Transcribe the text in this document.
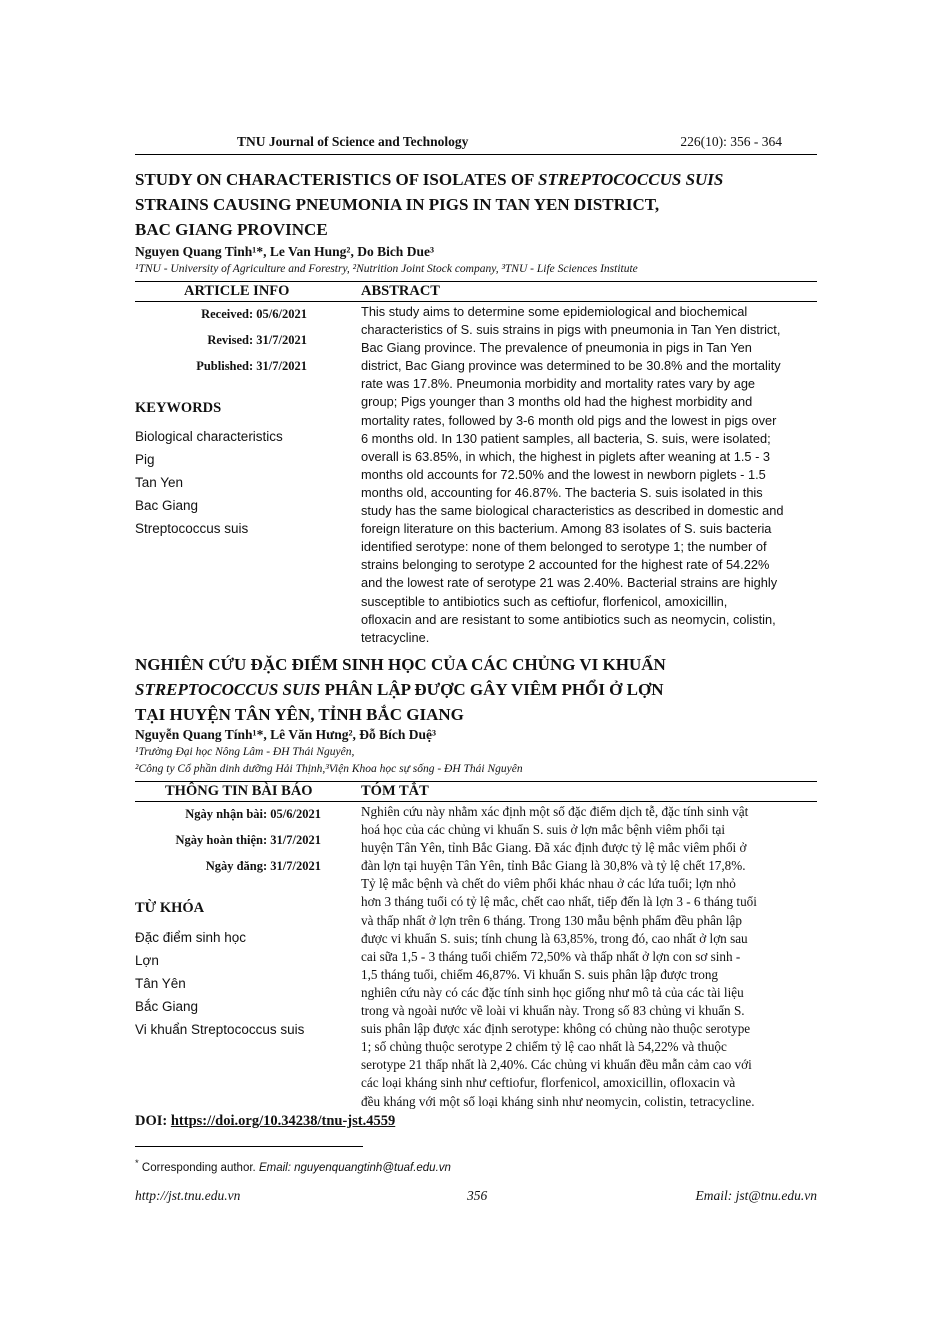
TNU Journal of Science and Technology	226(10): 356 - 364
STUDY ON CHARACTERISTICS OF ISOLATES OF STREPTOCOCCUS SUIS
STRAINS CAUSING PNEUMONIA IN PIGS IN TAN YEN DISTRICT,
BAC GIANG PROVINCE
Nguyen Quang Tinh¹*, Le Van Hung², Do Bich Due³
¹TNU - University of Agriculture and Forestry, ²Nutrition Joint Stock company, ³TNU - Life Sciences Institute
ARTICLE INFO	ABSTRACT
Received: 05/6/2021
Revised: 31/7/2021
Published: 31/7/2021
KEYWORDS
Biological characteristics
Pig
Tan Yen
Bac Giang
Streptococcus suis
This study aims to determine some epidemiological and biochemical
characteristics of S. suis strains in pigs with pneumonia in Tan Yen district,
Bac Giang province. The prevalence of pneumonia in pigs in Tan Yen
district, Bac Giang province was determined to be 30.8% and the mortality
rate was 17.8%. Pneumonia morbidity and mortality rates vary by age
group; Pigs younger than 3 months old had the highest morbidity and
mortality rates, followed by 3-6 month old pigs and the lowest in pigs over
6 months old. In 130 patient samples, all bacteria, S. suis, were isolated;
overall is 63.85%, in which, the highest in piglets after weaning at 1.5 - 3
months old accounts for 72.50% and the lowest in newborn piglets - 1.5
months old, accounting for 46.87%. The bacteria S. suis isolated in this
study has the same biological characteristics as described in domestic and
foreign literature on this bacterium. Among 83 isolates of S. suis bacteria
identified serotype: none of them belonged to serotype 1; the number of
strains belonging to serotype 2 accounted for the highest rate of 54.22%
and the lowest rate of serotype 21 was 2.40%. Bacterial strains are highly
susceptible to antibiotics such as ceftiofur, florfenicol, amoxicillin,
ofloxacin and are resistant to some antibiotics such as neomycin, colistin,
tetracycline.
NGHIÊN CỨU ĐẶC ĐIỂM SINH HỌC CỦA CÁC CHỦNG VI KHUẨN
STREPTOCOCCUS SUIS PHÂN LẬP ĐƯỢC GÂY VIÊM PHỔI Ở LỢN
TẠI HUYỆN TÂN YÊN, TỈNH BẮC GIANG
Nguyễn Quang Tính¹*, Lê Văn Hưng², Đỗ Bích Duệ³
¹Trường Đại học Nông Lâm - ĐH Thái Nguyên,
²Công ty Cổ phần dinh dưỡng Hải Thịnh,³Viện Khoa học sự sống - ĐH Thái Nguyên
THÔNG TIN BÀI BÁO	TÓM TẮT
Ngày nhận bài: 05/6/2021
Ngày hoàn thiện: 31/7/2021
Ngày đăng: 31/7/2021
TỪ KHÓA
Đặc điểm sinh học
Lợn
Tân Yên
Bắc Giang
Vi khuẩn Streptococcus suis
Nghiên cứu này nhằm xác định một số đặc điểm dịch tễ, đặc tính sinh vật
hoá học của các chủng vi khuẩn S. suis ở lợn mắc bệnh viêm phổi tại
huyện Tân Yên, tỉnh Bắc Giang. Đã xác định được tỷ lệ mắc viêm phổi ở
đàn lợn tại huyện Tân Yên, tỉnh Bắc Giang là 30,8% và tỷ lệ chết 17,8%.
Tỷ lệ mắc bệnh và chết do viêm phổi khác nhau ở các lứa tuổi; lợn nhỏ
hơn 3 tháng tuổi có tỷ lệ mắc, chết cao nhất, tiếp đến là lợn 3 - 6 tháng tuổi
và thấp nhất ở lợn trên 6 tháng. Trong 130 mẫu bệnh phẩm đều phân lập
được vi khuẩn S. suis; tính chung là 63,85%, trong đó, cao nhất ở lợn sau
cai sữa 1,5 - 3 tháng tuổi chiếm 72,50% và thấp nhất ở lợn con sơ sinh -
1,5 tháng tuổi, chiếm 46,87%. Vi khuẩn S. suis phân lập được trong
nghiên cứu này có các đặc tính sinh học giống như mô tả của các tài liệu
trong và ngoài nước về loài vi khuẩn này. Trong số 83 chủng vi khuẩn S.
suis phân lập được xác định serotype: không có chủng nào thuộc serotype
1; số chủng thuộc serotype 2 chiếm tỷ lệ cao nhất là 54,22% và thuộc
serotype 21 thấp nhất là 2,40%. Các chủng vi khuẩn đều mẫn cảm cao với
các loại kháng sinh như ceftiofur, florfenicol, amoxicillin, ofloxacin và
đều kháng với một số loại kháng sinh như neomycin, colistin, tetracycline.
DOI: https://doi.org/10.34238/tnu-jst.4559
* Corresponding author. Email: nguyenquangtinh@tuaf.edu.vn
http://jst.tnu.edu.vn	356	Email: jst@tnu.edu.vn
